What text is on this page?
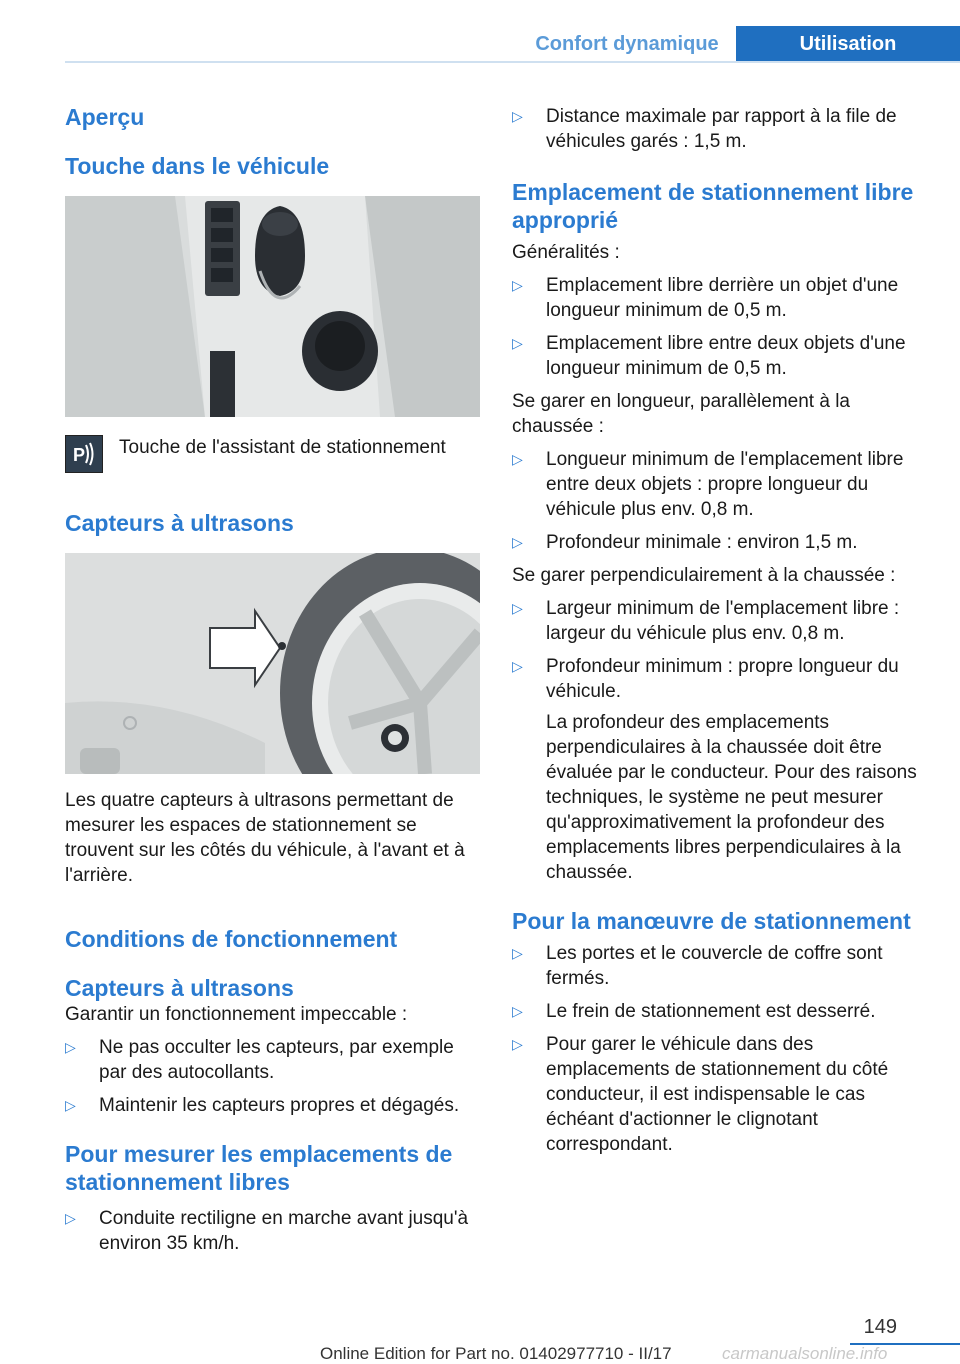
Confort dynamique	Utilisation
Aperçu
Touche dans le véhicule
P Touche de l'assistant de stationnement

Capteurs à ultrasons

Les quatre capteurs à ultrasons permettant de mesurer les espaces de stationnement se trouvent sur les côtés du véhicule, à l'avant et à l'arrière.

Conditions de fonctionnement
Capteurs à ultrasons

Garantir un fonctionnement impeccable :

▷ Ne pas occulter les capteurs, par exemple par des autocollants.
▷ Maintenir les capteurs propres et dégagés.
Pour mesurer les emplacements de stationnement libres
▷ Conduite rectiligne en marche avant jusqu'à environ 35 km/h.
▷ Distance maximale par rapport à la file de véhicules garés : 1,5 m.
Emplacement de stationnement libre approprié

Généralités :

▷ Emplacement libre derrière un objet d'une longueur minimum de 0,5 m.
▷ Emplacement libre entre deux objets d'une longueur minimum de 0,5 m.

Se garer en longueur, parallèlement à la chaussée :

▷ Longueur minimum de l'emplacement libre entre deux objets : propre longueur du véhicule plus env. 0,8 m.
▷ Profondeur minimale : environ 1,5 m.

Se garer perpendiculairement à la chaussée :

▷ Largeur minimum de l'emplacement libre : largeur du véhicule plus env. 0,8 m.
▷ Profondeur minimum : propre longueur du véhicule.

La profondeur des emplacements perpendiculaires à la chaussée doit être évaluée par le conducteur. Pour des raisons techniques, le système ne peut mesurer qu'approximativement la profondeur des emplacements libres perpendiculaires à la chaussée.

Pour la manœuvre de stationnement
▷ Les portes et le couvercle de coffre sont fermés.
▷ Le frein de stationnement est desserré.
▷ Pour garer le véhicule dans des emplacements de stationnement du côté conducteur, il est indispensable le cas échéant d'actionner le clignotant correspondant.
149
Online Edition for Part no. 01402977710 - II/17	carmanualsonline.info
